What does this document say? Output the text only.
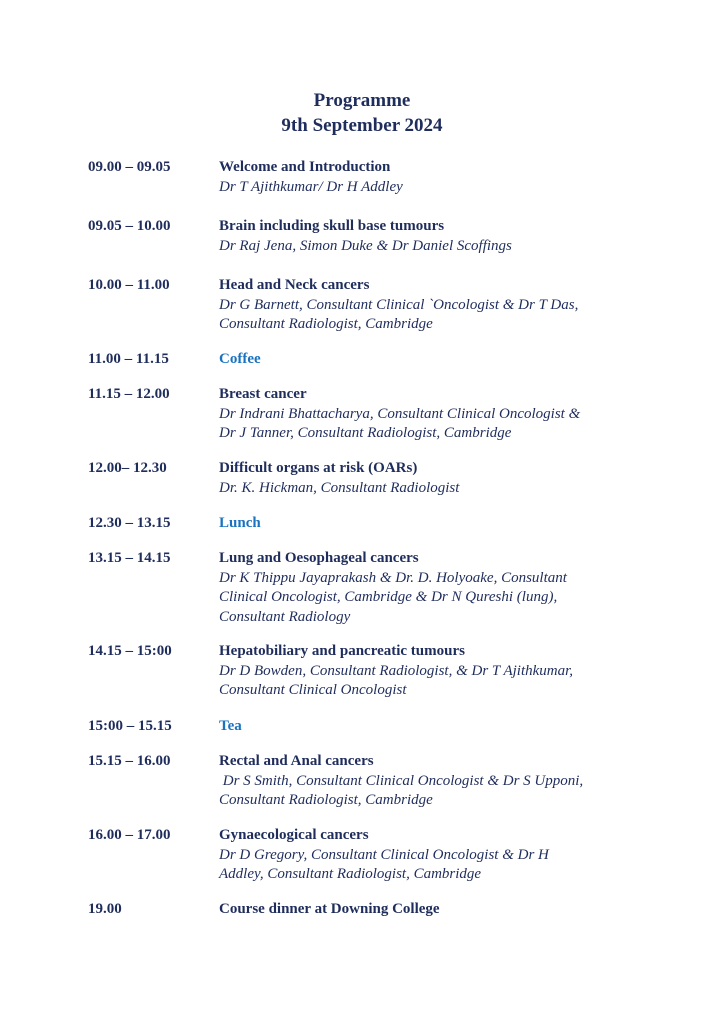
Programme
9th September 2024
09.00 – 09.05	Welcome and Introduction
Dr T Ajithkumar/ Dr H Addley
09.05 – 10.00	Brain including skull base tumours
Dr Raj Jena, Simon Duke & Dr Daniel Scoffings
10.00 – 11.00	Head and Neck cancers
Dr G Barnett, Consultant Clinical `Oncologist & Dr T Das,
Consultant Radiologist, Cambridge
11.00 – 11.15	Coffee
11.15 – 12.00	Breast cancer
Dr Indrani Bhattacharya, Consultant Clinical Oncologist &
Dr J Tanner, Consultant Radiologist, Cambridge
12.00– 12.30	Difficult organs at risk (OARs)
Dr. K. Hickman, Consultant Radiologist
12.30 – 13.15	Lunch
13.15 – 14.15	Lung and Oesophageal cancers
Dr K Thippu Jayaprakash & Dr. D. Holyoake, Consultant
Clinical Oncologist, Cambridge & Dr N Qureshi (lung),
Consultant Radiology
14.15 – 15:00	Hepatobiliary and pancreatic tumours
Dr D Bowden, Consultant Radiologist, & Dr T Ajithkumar,
Consultant Clinical Oncologist
15:00 – 15.15	Tea
15.15 – 16.00	Rectal and Anal cancers
Dr S Smith, Consultant Clinical Oncologist & Dr S Upponi,
Consultant Radiologist, Cambridge
16.00 – 17.00	Gynaecological cancers
Dr D Gregory, Consultant Clinical Oncologist & Dr H
Addley, Consultant Radiologist, Cambridge
19.00	Course dinner at Downing College
